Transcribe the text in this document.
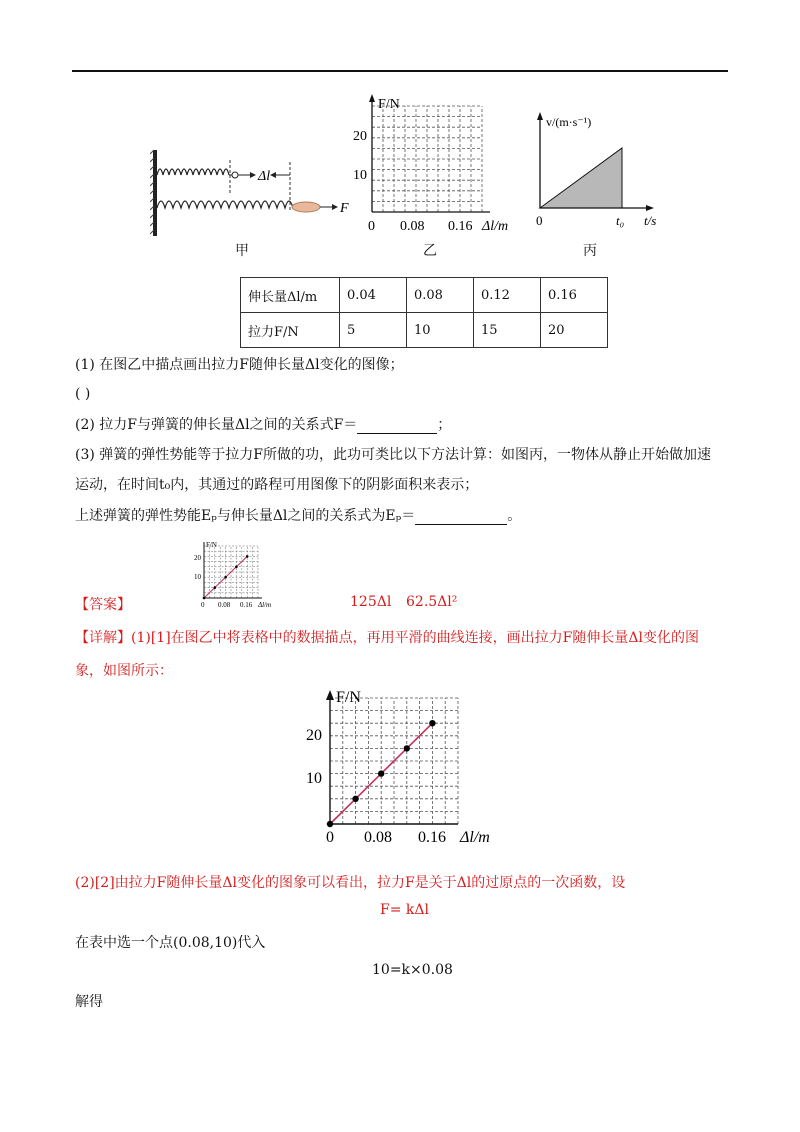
Δl
F
F/N
0 0.08 0.16 Δl/m
10
20
v/(m·s⁻¹)
0	t₀ t/s
甲	乙	丙
伸长量Δl/m	0.04	0.08	0.12	0.16
拉力F/N	5	10	15	20
(1) 在图乙中描点画出拉力F随伸长量Δl变化的图像；
( )
(2) 拉力F与弹簧的伸长量Δl之间的关系式F＝	；
(3) 弹簧的弹性势能等于拉力F所做的功，此功可类比以下方法计算：如图丙，一物体从静止开始做加速
运动，在时间t₀内，其通过的路程可用图像下的阴影面积来表示；
上述弹簧的弹性势能Eₚ与伸长量Δl之间的关系式为Eₚ＝	。
【答案】
F/N
20
10
0 0.08 0.16 Δl/m	125Δl 62.5Δl²
【详解】(1)[1]在图乙中将表格中的数据描点，再用平滑的曲线连接，画出拉力F随伸长量Δl变化的图
象，如图所示：
F/N
0 0.08 0.16 Δl/m
10
20
(2)[2]由拉力F随伸长量Δl变化的图象可以看出，拉力F是关于Δl的过原点的一次函数，设
F= kΔl
在表中选一个点(0.08,10)代入
10=k×0.08
解得
